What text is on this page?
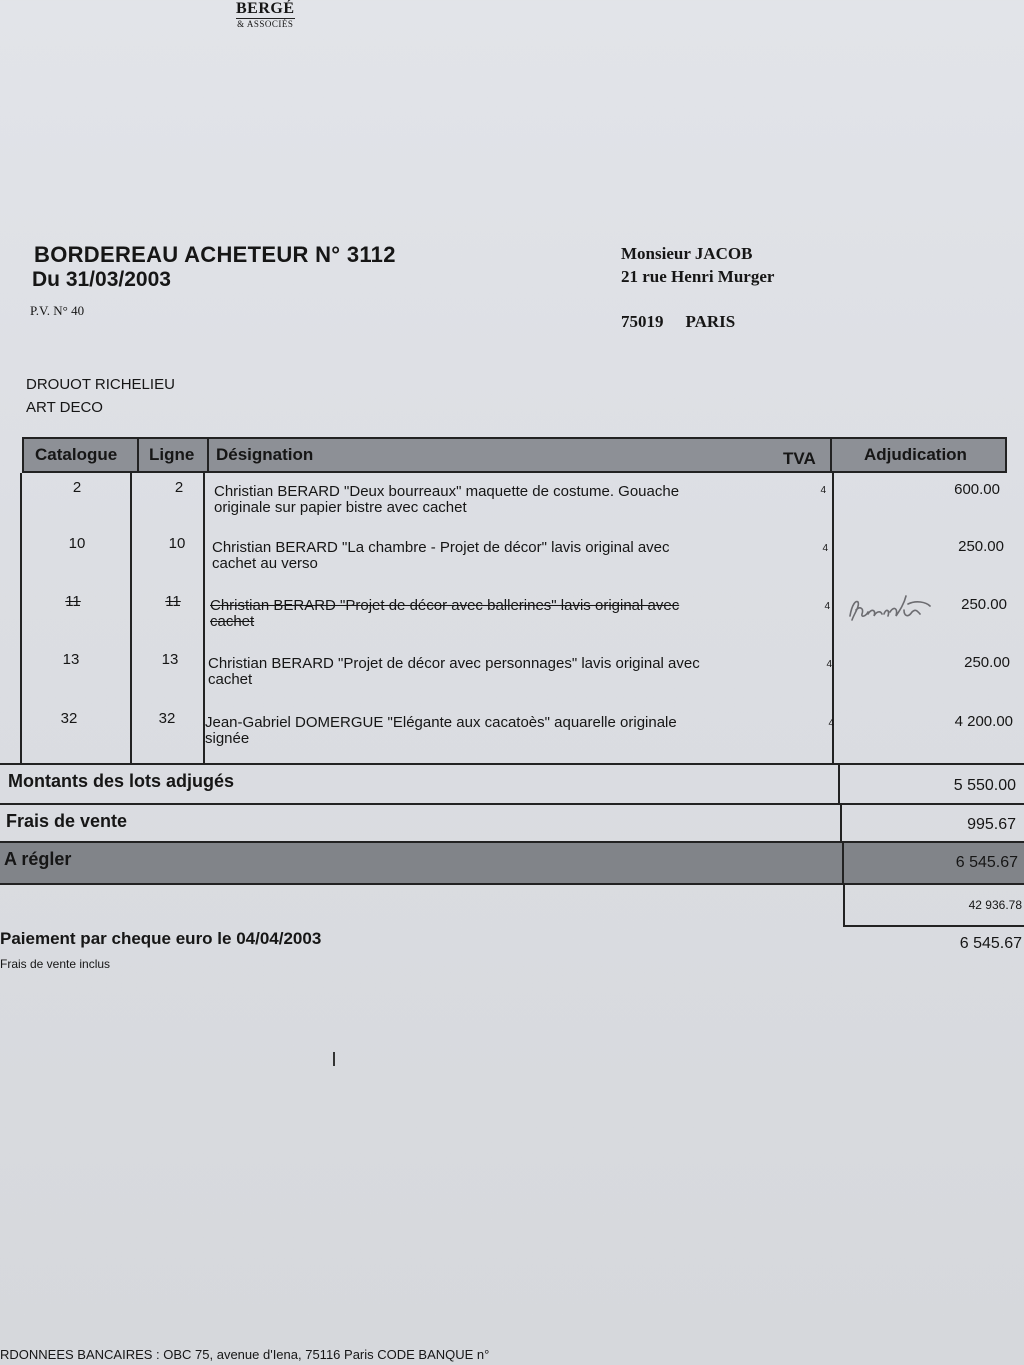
BERGÉ
& ASSOCIÉS
BORDEREAU ACHETEUR N° 3112
Du 31/03/2003
P.V. N° 40
Monsieur JACOB
21 rue Henri Murger
75019 PARIS
DROUOT RICHELIEU
ART DECO
Catalogue Ligne Désignation	TVA	Adjudication
2	2	Christian BERARD "Deux bourreaux" maquette de costume. Gouache
originale sur papier bistre avec cachet
4	600.00
10	10	Christian BERARD "La chambre - Projet de décor" lavis original avec
cachet au verso
4	250.00
11	11	Christian BERARD "Projet de décor avec ballerines" lavis original avec
cachet
4	250.00
13	13	Christian BERARD "Projet de décor avec personnages" lavis original avec
cachet
4	250.00
32	32	Jean-Gabriel DOMERGUE "Elégante aux cacatoès" aquarelle originale
signée
4	4 200.00
Montants des lots adjugés	5 550.00
Frais de vente	995.67
A régler	6 545.67
42 936.78
Paiement par cheque euro le 04/04/2003
Frais de vente inclus
6 545.67
RDONNEES BANCAIRES : OBC 75, avenue d'Iena, 75116 Paris CODE BANQUE n°
